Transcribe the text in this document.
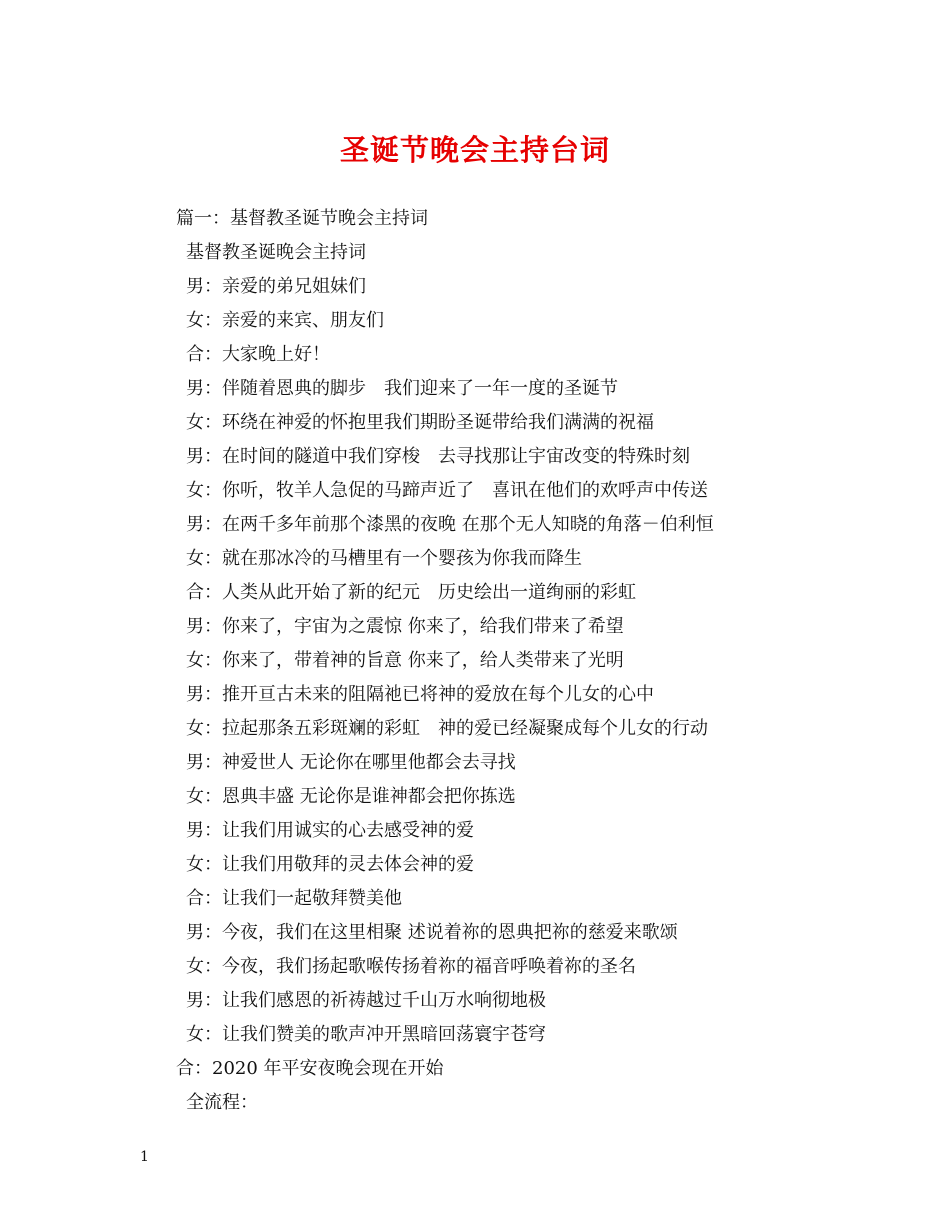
圣诞节晚会主持台词
篇一：基督教圣诞节晚会主持词
基督教圣诞晚会主持词
男：亲爱的弟兄姐妹们
女：亲爱的来宾、朋友们
合：大家晚上好！
男：伴随着恩典的脚步　我们迎来了一年一度的圣诞节
女：环绕在神爱的怀抱里我们期盼圣诞带给我们满满的祝福
男：在时间的隧道中我们穿梭　去寻找那让宇宙改变的特殊时刻
女：你听，牧羊人急促的马蹄声近了　喜讯在他们的欢呼声中传送
男：在两千多年前那个漆黑的夜晚 在那个无人知晓的角落－伯利恒
女：就在那冰冷的马槽里有一个婴孩为你我而降生
合：人类从此开始了新的纪元　历史绘出一道绚丽的彩虹
男：你来了，宇宙为之震惊 你来了，给我们带来了希望
女：你来了，带着神的旨意 你来了，给人类带来了光明
男：推开亘古未来的阻隔祂已将神的爱放在每个儿女的心中
女：拉起那条五彩斑斓的彩虹　神的爱已经凝聚成每个儿女的行动
男：神爱世人 无论你在哪里他都会去寻找
女：恩典丰盛 无论你是谁神都会把你拣选
男：让我们用诚实的心去感受神的爱
女：让我们用敬拜的灵去体会神的爱
合：让我们一起敬拜赞美他
男：今夜，我们在这里相聚 述说着祢的恩典把祢的慈爱来歌颂
女：今夜，我们扬起歌喉传扬着祢的福音呼唤着祢的圣名
男：让我们感恩的祈祷越过千山万水响彻地极
女：让我们赞美的歌声冲开黑暗回荡寰宇苍穹
合：2020 年平安夜晚会现在开始
全流程：
1
